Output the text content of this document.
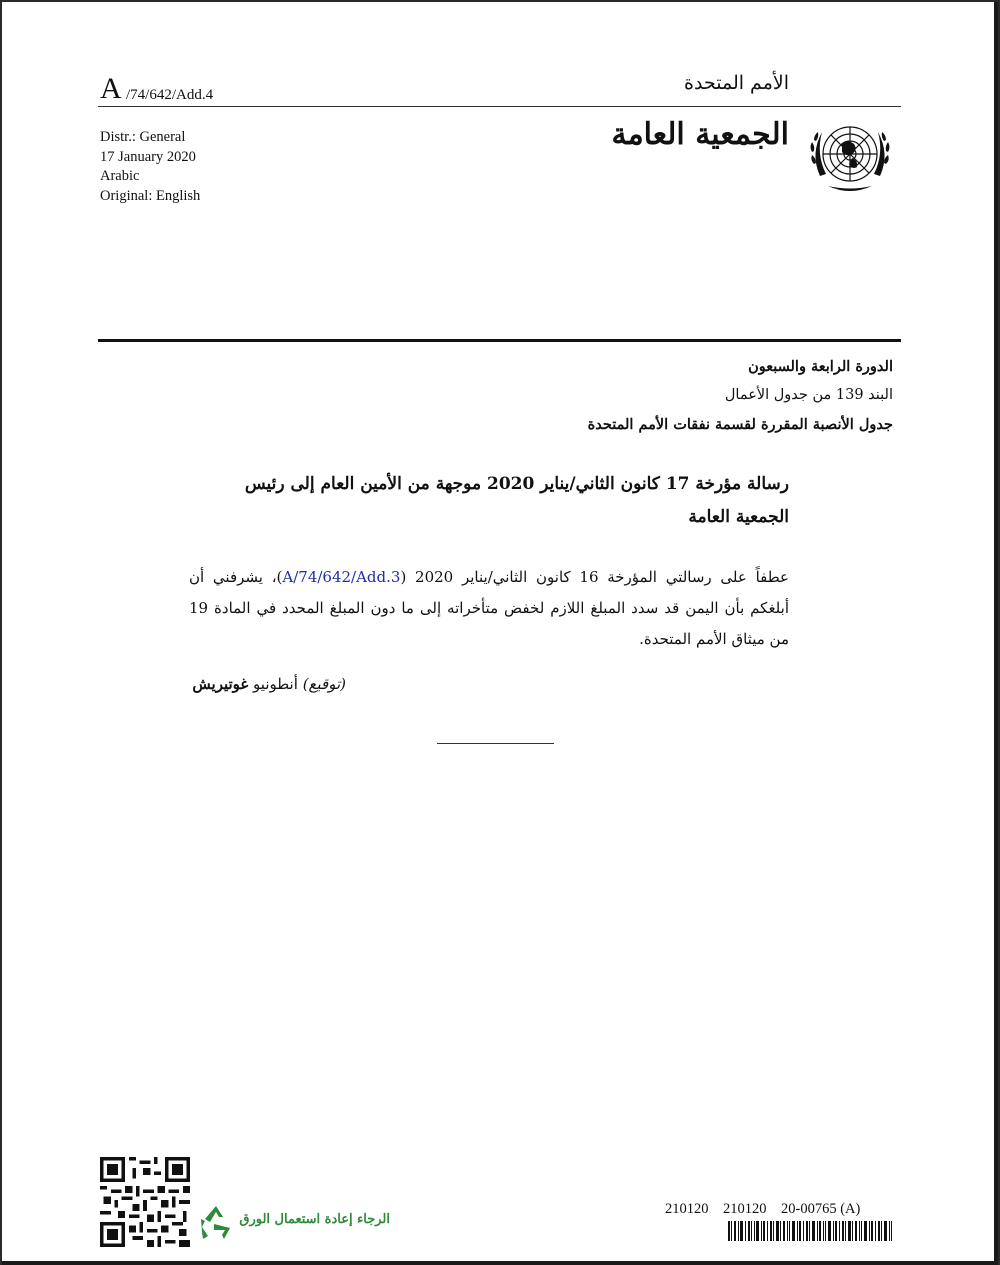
A /74/642/Add.4
الأمم المتحدة
Distr.: General
17 January 2020
Arabic
Original: English
الجمعية العامة
الدورة الرابعة والسبعون
البند 139 من جدول الأعمال
جدول الأنصبة المقررة لقسمة نفقات الأمم المتحدة
رسالة مؤرخة 17 كانون الثاني/يناير 2020 موجهة من الأمين العام إلى رئيس الجمعية العامة
عطفاً على رسالتي المؤرخة 16 كانون الثاني/يناير 2020 (A/74/642/Add.3)، يشرفني أن أبلغكم بأن اليمن قد سدد المبلغ اللازم لخفض متأخراته إلى ما دون المبلغ المحدد في المادة 19 من ميثاق الأمم المتحدة.
(توقيع) أنطونيو غوتيريش
الرجاء إعادة استعمال الورق
210120    210120    20-00765 (A)
